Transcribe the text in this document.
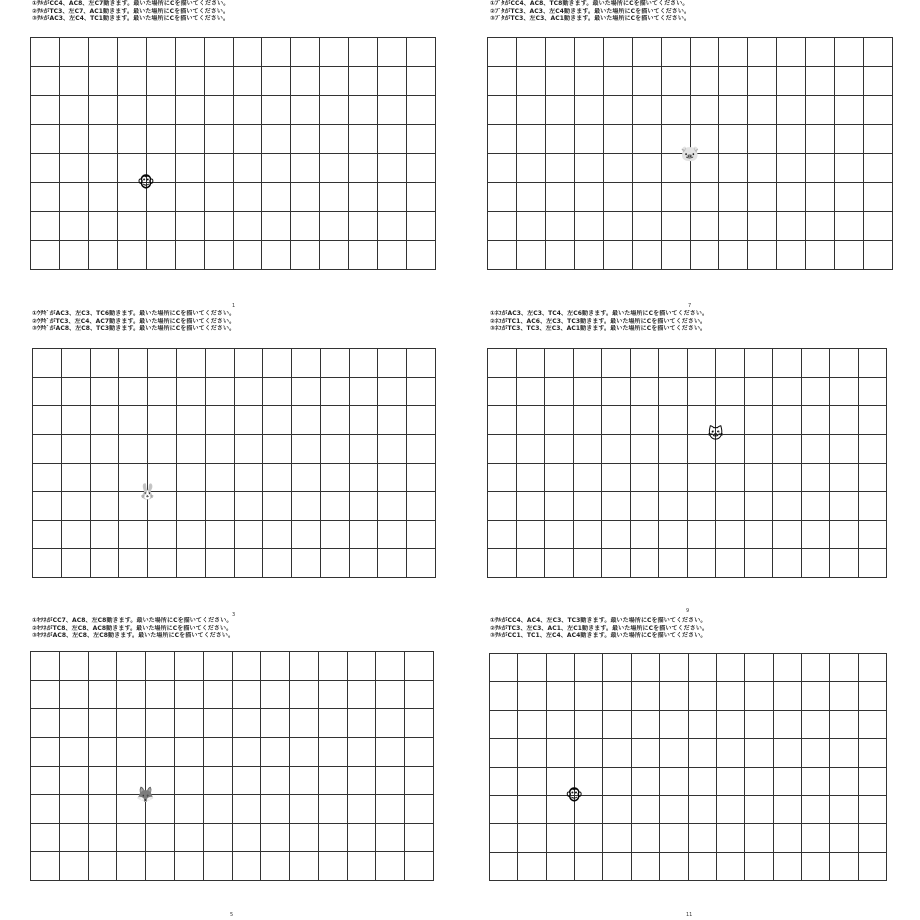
①ｻﾙがCC4、AC8、左C7動きます。最いた場所にCを描いてください。
②ｻﾙがTC3、左C7、AC1動きます。最いた場所にCを描いてください。
③ｻﾙがAC3、左C4、TC1動きます。最いた場所にCを描いてください。
🐵
1
①ﾌﾞﾀがCC4、AC8、TC8動きます。最いた場所にCを描いてください。
②ﾌﾞﾀがTC3、AC3、左C4動きます。最いた場所にCを描いてください。
③ﾌﾞﾀがTC3、左C3、AC1動きます。最いた場所にCを描いてください。
🐷
7
①ｳｻｷﾞがAC3、左C3、TC6動きます。最いた場所にCを描いてください。
②ｳｻｷﾞがTC3、左C4、AC7動きます。最いた場所にCを描いてください。
③ｳｻｷﾞがAC8、左C8、TC3動きます。最いた場所にCを描いてください。
🐰
3
①ﾈｺがAC3、左C3、TC4、左C6動きます。最いた場所にCを描いてください。
②ﾈｺがTC1、AC6、左C3、TC3動きます。最いた場所にCを描いてください。
③ﾈｺがTC3、TC3、左C3、AC1動きます。最いた場所にCを描いてください。
🐱
9
①ｷﾂﾈがCC7、AC8、左C8動きます。最いた場所にCを描いてください。
②ｷﾂﾈがTC8、左C8、AC8動きます。最いた場所にCを描いてください。
③ｷﾂﾈがAC8、左C8、左C8動きます。最いた場所にCを描いてください。
🦊
5
①ｻﾙがCC4、AC4、左C3、TC3動きます。最いた場所にCを描いてください。
②ｻﾙがTC3、左C3、AC1、左C1動きます。最いた場所にCを描いてください。
③ｻﾙがCC1、TC1、左C4、AC4動きます。最いた場所にCを描いてください。
🐵
11
